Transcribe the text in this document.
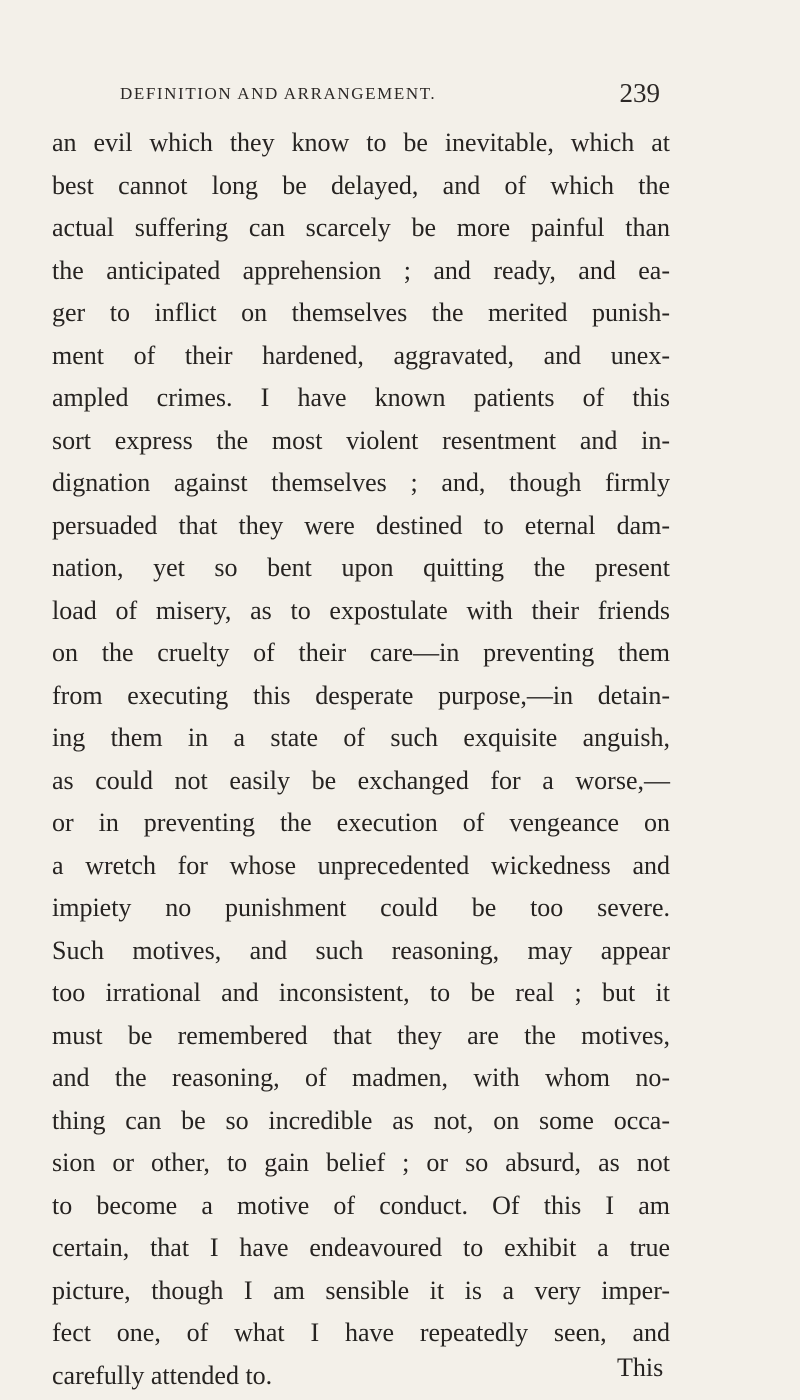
DEFINITION AND ARRANGEMENT.	239
an evil which they know to be inevitable, which at
best cannot long be delayed, and of which the
actual suffering can scarcely be more painful than
the anticipated apprehension ; and ready, and ea-
ger to inflict on themselves the merited punish-
ment of their hardened, aggravated, and unex-
ampled crimes. I have known patients of this
sort express the most violent resentment and in-
dignation against themselves ; and, though firmly
persuaded that they were destined to eternal dam-
nation, yet so bent upon quitting the present
load of misery, as to expostulate with their friends
on the cruelty of their care—in preventing them
from executing this desperate purpose,—in detain-
ing them in a state of such exquisite anguish,
as could not easily be exchanged for a worse,—
or in preventing the execution of vengeance on
a wretch for whose unprecedented wickedness and
impiety no punishment could be too severe.
Such motives, and such reasoning, may appear
too irrational and inconsistent, to be real ; but it
must be remembered that they are the motives,
and the reasoning, of madmen, with whom no-
thing can be so incredible as not, on some occa-
sion or other, to gain belief ; or so absurd, as not
to become a motive of conduct. Of this I am
certain, that I have endeavoured to exhibit a true
picture, though I am sensible it is a very imper-
fect one, of what I have repeatedly seen, and
carefully attended to.	This
